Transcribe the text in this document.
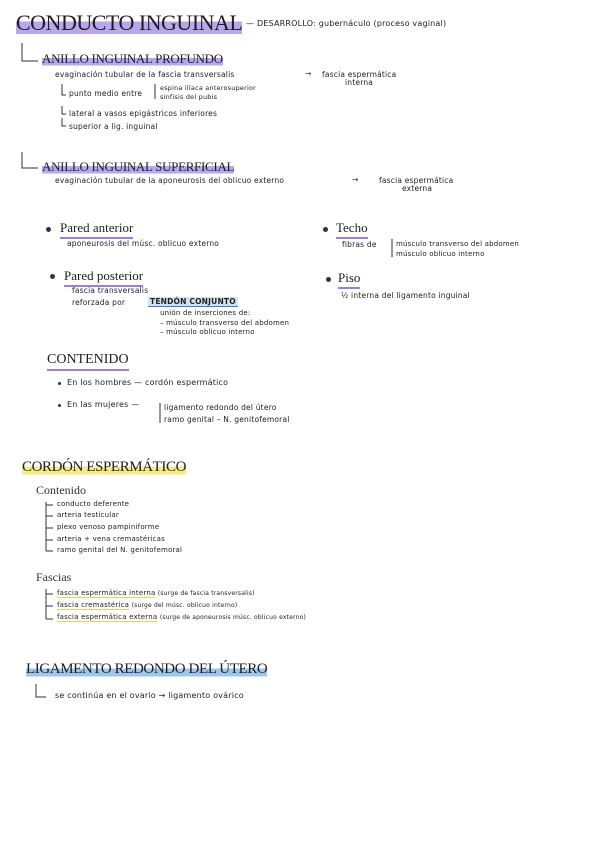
CONDUCTO INGUINAL — DESARROLLO: gubernáculo (proceso vaginal)
ANILLO INGUINAL PROFUNDO
evaginación tubular de la fascia transversalis	→ fascia espermática
interna
punto medio entre
espina ilíaca anterosuperior
sínfisis del pubis
lateral a vasos epigástricos inferiores
superior a lig. inguinal
ANILLO INGUINAL SUPERFICIAL
evaginación tubular de la aponeurosis del oblicuo externo	→	fascia espermática
externa
Pared anterior
aponeurosis del músc. oblicuo externo
Pared posterior
fascia transversalis
reforzada por	TENDÓN CONJUNTO
unión de inserciones de:
– músculo transverso del abdomen
– músculo oblicuo interno
Techo
fibras de	músculo transverso del abdomen
músculo oblicuo interno
Piso
½ interna del ligamento inguinal
CONTENIDO
En los hombres — cordón espermático
En las mujeres —	ligamento redondo del útero
ramo genital – N. genitofemoral
CORDÓN ESPERMÁTICO
Contenido
conducto deferente
arteria testicular
plexo venoso pampiniforme
arteria + vena cremastéricas
ramo genital del N. genitofemoral
Fascias
fascia espermática interna (surge de fascia transversalis)
fascia cremastérica (surge del músc. oblicuo interno)
fascia espermática externa (surge de aponeurosis músc. oblicuo externo)
LIGAMENTO REDONDO DEL ÚTERO
se continúa en el ovario → ligamento ovárico
